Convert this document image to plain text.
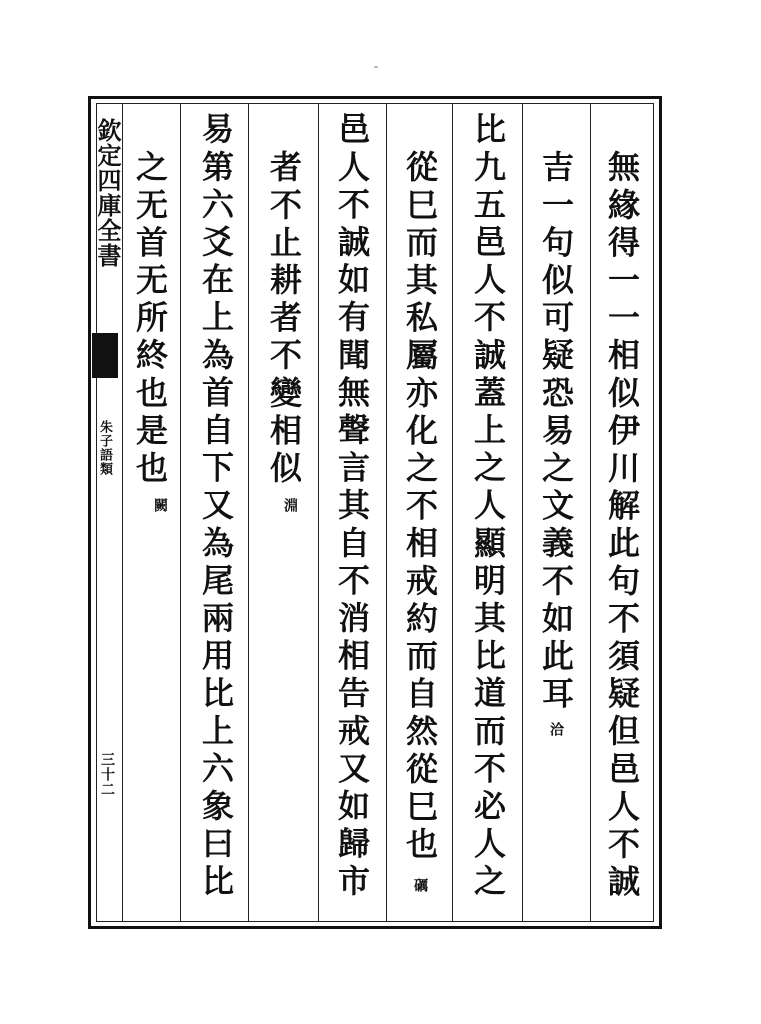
欽定四庫全書
朱子語類
三十二	無緣得一一相似伊川解此句不須疑但邑人不誠
吉一句似可疑恐易之文義不如此耳
洽
比九五邑人不誠蓋上之人顯明其比道而不必人之
從巳而其私屬亦化之不相戒約而自然從巳也
礪
邑人不誠如有聞無聲言其自不消相告戒又如歸市
者不止耕者不變相似
淵
易第六爻在上為首自下又為尾兩用比上六象曰比
之无首无所終也是也
闕
